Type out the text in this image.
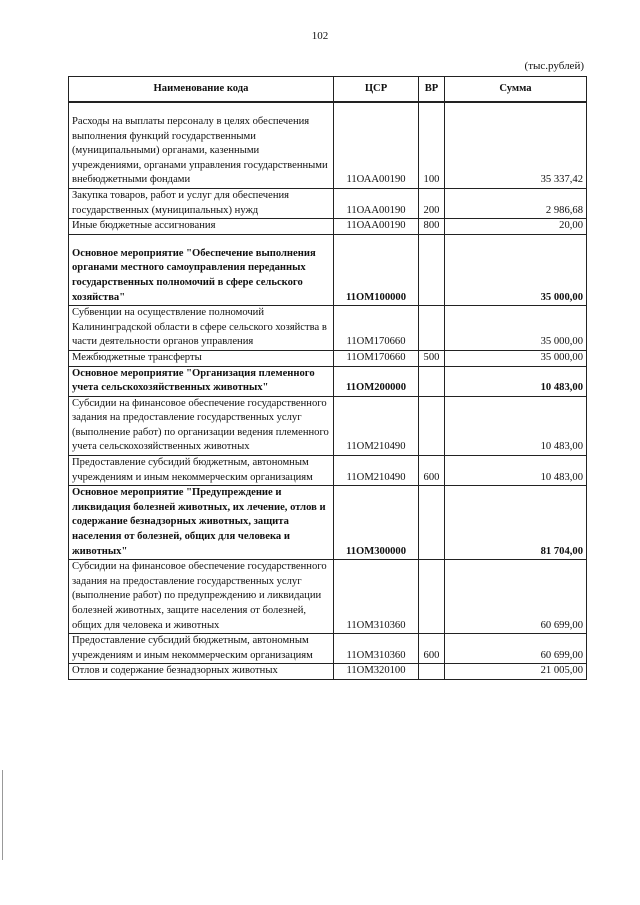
102
(тыс.рублей)
Наименование кода	ЦСР	ВР	Сумма

Расходы на выплаты персоналу в целях обеспечения выполнения функций государственными (муниципальными) органами, казенными учреждениями, органами управления государственными внебюджетными фондами	11ОАА00190	100	35 337,42
Закупка товаров, работ и услуг для обеспечения государственных (муниципальных) нужд	11ОАА00190	200	2 986,68
Иные бюджетные ассигнования	11ОАА00190	800	20,00

Основное мероприятие "Обеспечение выполнения органами местного самоуправления переданных государственных полномочий в сфере сельского хозяйства"	11ОМ100000		35 000,00
Субвенции на осуществление полномочий Калининградской области в сфере сельского хозяйства в части деятельности органов управления	11ОМ170660		35 000,00
Межбюджетные трансферты	11ОМ170660	500	35 000,00
Основное мероприятие "Организация племенного учета сельскохозяйственных животных"	11ОМ200000		10 483,00
Субсидии на финансовое обеспечение государственного задания на предоставление государственных услуг (выполнение работ) по организации ведения племенного учета сельскохозяйственных животных	11ОМ210490		10 483,00
Предоставление субсидий бюджетным, автономным учреждениям и иным некоммерческим организациям	11ОМ210490	600	10 483,00
Основное мероприятие "Предупреждение и ликвидация болезней животных, их лечение, отлов и содержание безнадзорных животных, защита населения от болезней, общих для человека и животных"	11ОМ300000		81 704,00
Субсидии на финансовое обеспечение государственного задания на предоставление государственных услуг (выполнение работ) по предупреждению и ликвидации болезней животных, защите населения от болезней, общих для человека и животных	11ОМ310360		60 699,00
Предоставление субсидий бюджетным, автономным учреждениям и иным некоммерческим организациям	11ОМ310360	600	60 699,00
Отлов и содержание безнадзорных животных	11ОМ320100		21 005,00
